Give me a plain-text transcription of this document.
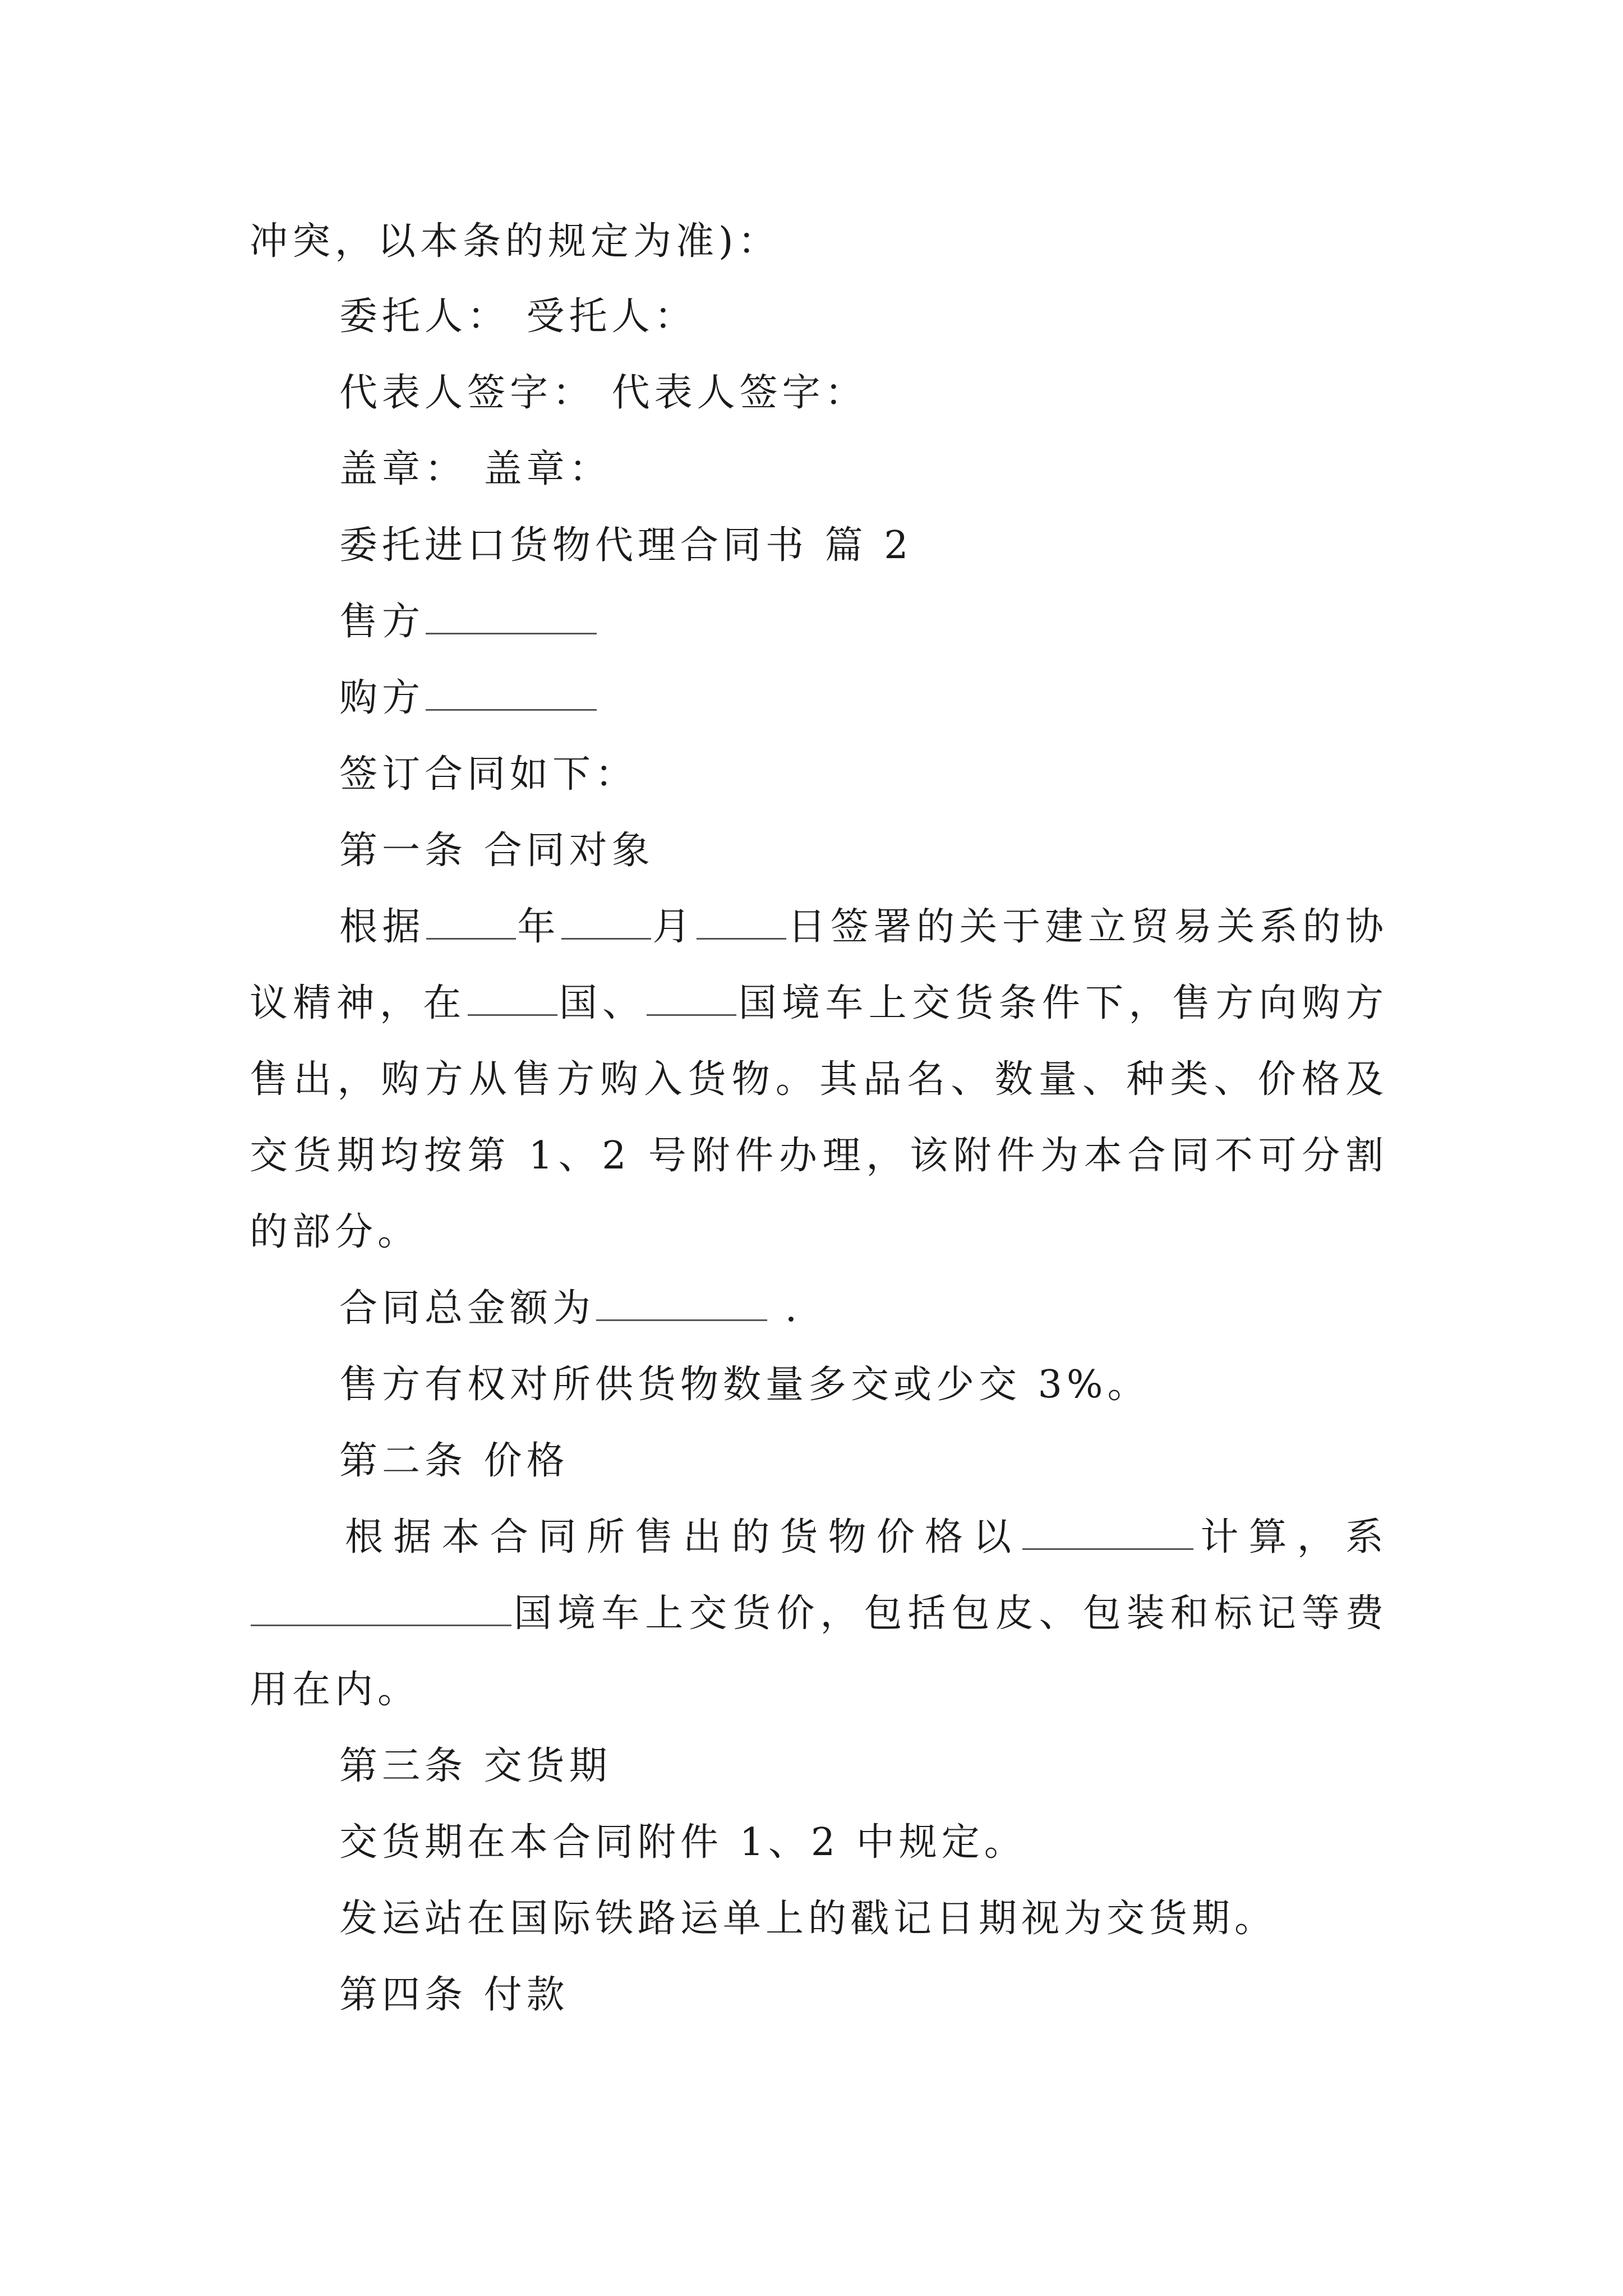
冲突，以本条的规定为准)：
委托人： 受托人：
代表人签字： 代表人签字：
盖章： 盖章：
委托进口货物代理合同书 篇 2
售方
购方
签订合同如下：
第一条 合同对象
根据 年 月 日签署的关于建立贸易关系的协
议精神，在 国、 国境车上交货条件下，售方向购方
售出，购方从售方购入货物。其品名、数量、种类、价格及
交货期均按第 1、2 号附件办理，该附件为本合同不可分割
的部分。
合同总金额为	.
售方有权对所供货物数量多交或少交 3%。
第二条 价格
根据本合同所售出的货物价格以	计算，系
国境车上交货价，包括包皮、包装和标记等费
用在内。
第三条 交货期
交货期在本合同附件 1、2 中规定。
发运站在国际铁路运单上的戳记日期视为交货期。
第四条 付款
